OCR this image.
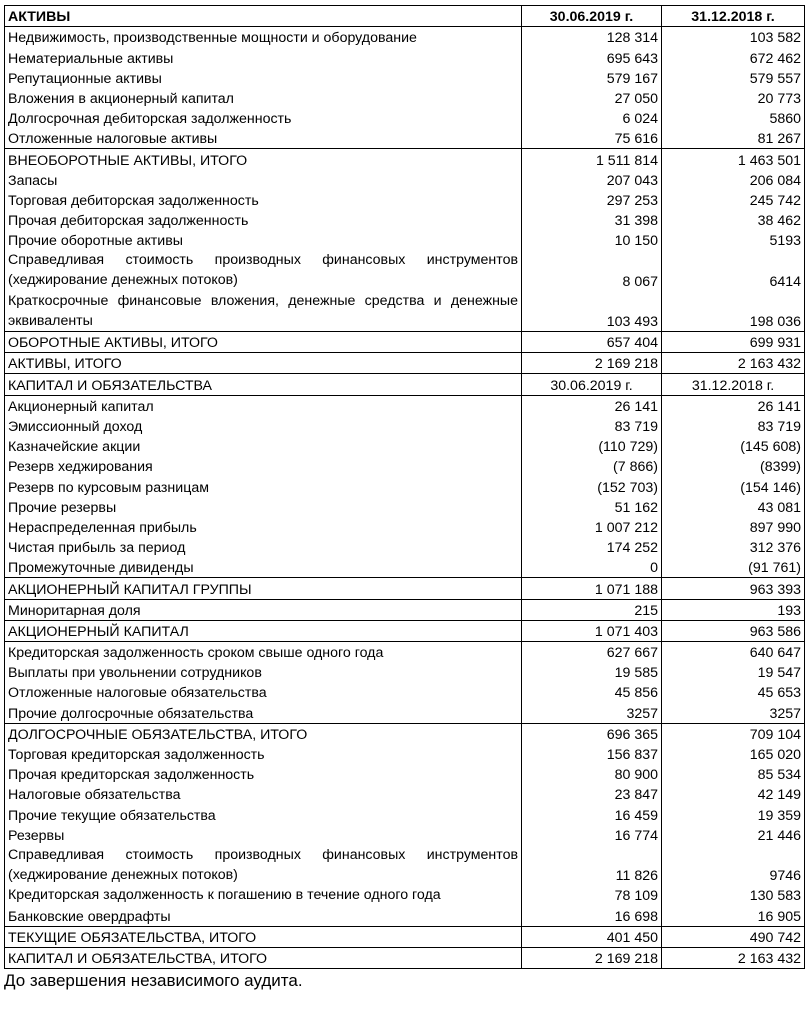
АКТИВЫ	30.06.2019 г.	31.12.2018 г.
Недвижимость, производственные мощности и оборудование	128 314	103 582
Нематериальные активы	695 643	672 462
Репутационные активы	579 167	579 557
Вложения в акционерный капитал	27 050	20 773
Долгосрочная дебиторская задолженность	6 024	5860
Отложенные налоговые активы	75 616	81 267
ВНЕОБОРОТНЫЕ АКТИВЫ, ИТОГО	1 511 814	1 463 501
Запасы	207 043	206 084
Торговая дебиторская задолженность	297 253	245 742
Прочая дебиторская задолженность	31 398	38 462
Прочие оборотные активы	10 150	5193
Справедливая стоимость производных финансовых инструментов (хеджирование денежных потоков)	8 067	6414
Краткосрочные финансовые вложения, денежные средства и денежные эквиваленты	103 493	198 036
ОБОРОТНЫЕ АКТИВЫ, ИТОГО	657 404	699 931
АКТИВЫ, ИТОГО	2 169 218	2 163 432
КАПИТАЛ И ОБЯЗАТЕЛЬСТВА	30.06.2019 г.	31.12.2018 г.
Акционерный капитал	26 141	26 141
Эмиссионный доход	83 719	83 719
Казначейские акции	(110 729)	(145 608)
Резерв хеджирования	(7 866)	(8399)
Резерв по курсовым разницам	(152 703)	(154 146)
Прочие резервы	51 162	43 081
Нераспределенная прибыль	1 007 212	897 990
Чистая прибыль за период	174 252	312 376
Промежуточные дивиденды	0	(91 761)
АКЦИОНЕРНЫЙ КАПИТАЛ ГРУППЫ	1 071 188	963 393
Миноритарная доля	215	193
АКЦИОНЕРНЫЙ КАПИТАЛ	1 071 403	963 586
Кредиторская задолженность сроком свыше одного года	627 667	640 647
Выплаты при увольнении сотрудников	19 585	19 547
Отложенные налоговые обязательства	45 856	45 653
Прочие долгосрочные обязательства	3257	3257
ДОЛГОСРОЧНЫЕ ОБЯЗАТЕЛЬСТВА, ИТОГО	696 365	709 104
Торговая кредиторская задолженность	156 837	165 020
Прочая кредиторская задолженность	80 900	85 534
Налоговые обязательства	23 847	42 149
Прочие текущие обязательства	16 459	19 359
Резервы	16 774	21 446
Справедливая стоимость производных финансовых инструментов (хеджирование денежных потоков)	11 826	9746
Кредиторская задолженность к погашению в течение одного года	78 109	130 583
Банковские овердрафты	16 698	16 905
ТЕКУЩИЕ ОБЯЗАТЕЛЬСТВА, ИТОГО	401 450	490 742
КАПИТАЛ И ОБЯЗАТЕЛЬСТВА, ИТОГО	2 169 218	2 163 432
До завершения независимого аудита.
